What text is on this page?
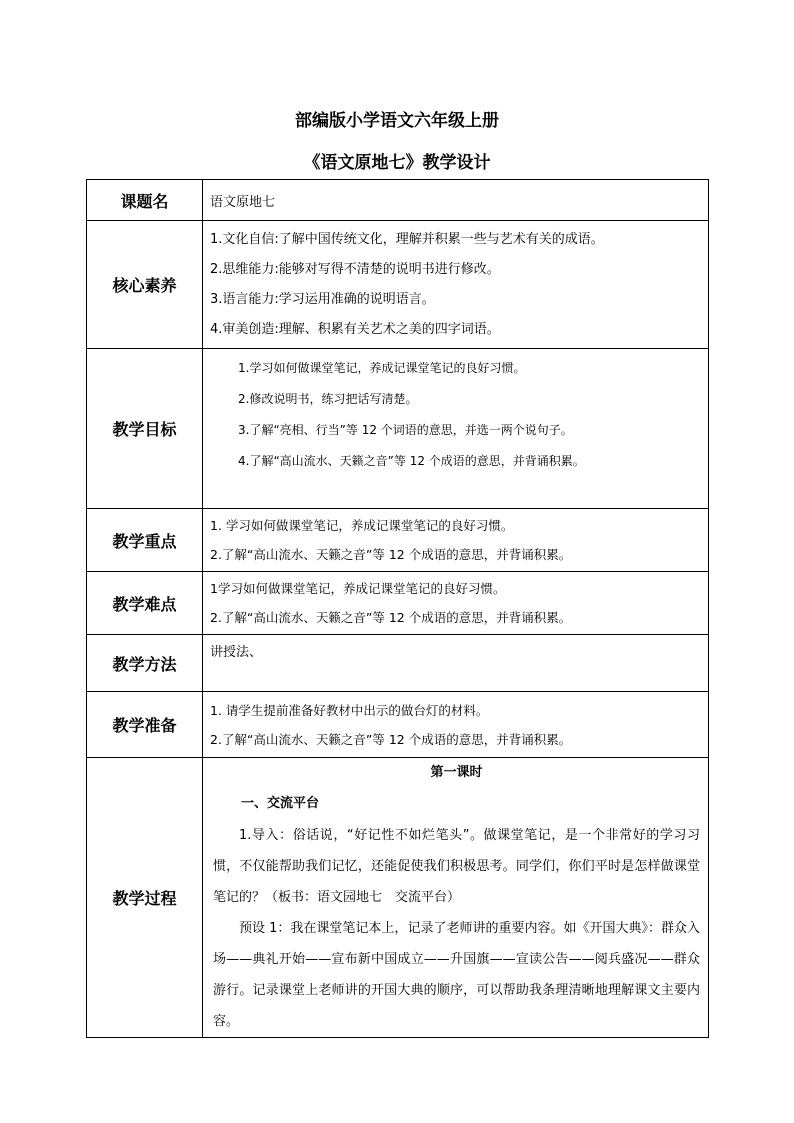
部编版小学语文六年级上册
《语文原地七》教学设计
课题名	语文原地七
核心素养	1.文化自信:了解中国传统文化，理解并积累一些与艺术有关的成语。
2.思维能力:能够对写得不清楚的说明书进行修改。
3.语言能力:学习运用准确的说明语言。
4.审美创造:理解、积累有关艺术之美的四字词语。

教学目标	1.学习如何做课堂笔记，养成记课堂笔记的良好习惯。
2.修改说明书，练习把话写清楚。
3.了解“亮相、行当”等 12 个词语的意思，并选一两个说句子。
4.了解“高山流水、天籁之音”等 12 个成语的意思，并背诵积累。

教学重点	1. 学习如何做课堂笔记，养成记课堂笔记的良好习惯。
2.了解“高山流水、天籁之音”等 12 个成语的意思，并背诵积累。

教学难点	1学习如何做课堂笔记，养成记课堂笔记的良好习惯。
2.了解“高山流水、天籁之音”等 12 个成语的意思，并背诵积累。

教学方法	讲授法、
教学准备	1. 请学生提前准备好教材中出示的做台灯的材料。
2.了解“高山流水、天籁之音”等 12 个成语的意思，并背诵积累。

教学过程	第一课时
一、交流平台

1.导入：俗话说，“好记性不如烂笔头”。做课堂笔记，是一个非常好的学习习惯，不仅能帮助我们记忆，还能促使我们积极思考。同学们，你们平时是怎样做课堂笔记的？（板书：语文园地七　交流平台）

预设 1：我在课堂笔记本上，记录了老师讲的重要内容。如《开国大典》：群众入场——典礼开始——宣布新中国成立——升国旗——宣读公告——阅兵盛况——群众游行。记录课堂上老师讲的开国大典的顺序，可以帮助我条理清晰地理解课文主要内容。
